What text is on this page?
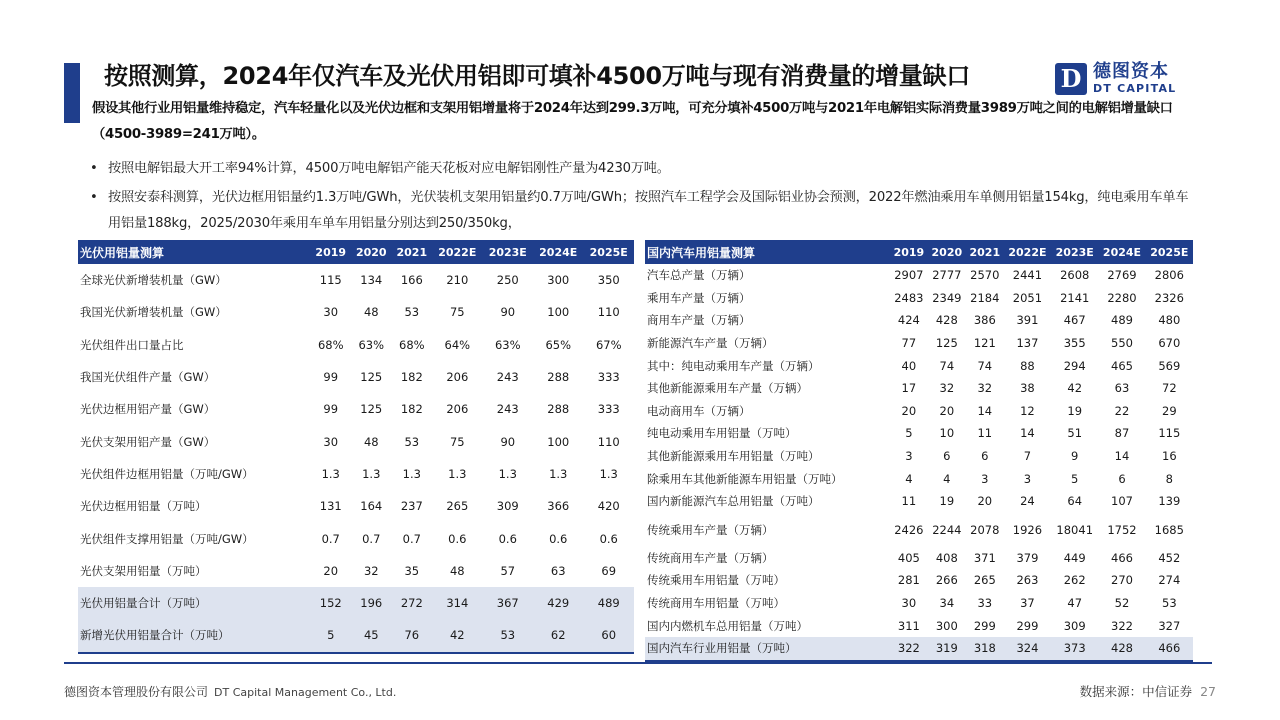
按照测算，2024年仅汽车及光伏用铝即可填补4500万吨与现有消费量的增量缺口	D 德图资本
DT CAPITAL
假设其他行业用铝量维持稳定，汽车轻量化以及光伏边框和支架用铝增量将于2024年达到299.3万吨，可充分填补4500万吨与2021年电解铝实际消费量3989万吨之间的电解铝增量缺口（4500-3989=241万吨）。
• 按照电解铝最大开工率94%计算，4500万吨电解铝产能天花板对应电解铝刚性产量为4230万吨。
• 按照安泰科测算，光伏边框用铝量约1.3万吨/GWh，光伏装机支架用铝量约0.7万吨/GWh；按照汽车工程学会及国际铝业协会预测，2022年燃油乘用车单侧用铝量154kg，纯电乘用车单车用铝量188kg，2025/2030年乘用车单车用铝量分别达到250/350kg，
光伏用铝量测算	2019	2020	2021	2022E	2023E	2024E	2025E
全球光伏新增装机量（GW）	115	134	166	210	250	300	350
我国光伏新增装机量（GW）	30	48	53	75	90	100	110
光伏组件出口量占比	68%	63%	68%	64%	63%	65%	67%
我国光伏组件产量（GW）	99	125	182	206	243	288	333
光伏边框用铝产量（GW）	99	125	182	206	243	288	333
光伏支架用铝产量（GW）	30	48	53	75	90	100	110
光伏组件边框用铝量（万吨/GW）	1.3	1.3	1.3	1.3	1.3	1.3	1.3
光伏边框用铝量（万吨）	131	164	237	265	309	366	420
光伏组件支撑用铝量（万吨/GW）	0.7	0.7	0.7	0.6	0.6	0.6	0.6
光伏支架用铝量（万吨）	20	32	35	48	57	63	69
光伏用铝量合计（万吨）	152	196	272	314	367	429	489
新增光伏用铝量合计（万吨）	5	45	76	42	53	62	60
国内汽车用铝量测算	2019	2020	2021	2022E	2023E	2024E	2025E
汽车总产量（万辆）	2907	2777	2570	2441	2608	2769	2806
乘用车产量（万辆）	2483	2349	2184	2051	2141	2280	2326
商用车产量（万辆）	424	428	386	391	467	489	480
新能源汽车产量（万辆）	77	125	121	137	355	550	670
其中：纯电动乘用车产量（万辆）	40	74	74	88	294	465	569
其他新能源乘用车产量（万辆）	17	32	32	38	42	63	72
电动商用车（万辆）	20	20	14	12	19	22	29
纯电动乘用车用铝量（万吨）	5	10	11	14	51	87	115
其他新能源乘用车用铝量（万吨）	3	6	6	7	9	14	16
除乘用车其他新能源车用铝量（万吨）	4	4	3	3	5	6	8
国内新能源汽车总用铝量（万吨）	11	19	20	24	64	107	139
传统乘用车产量（万辆）	2426	2244	2078	1926	18041	1752	1685
传统商用车产量（万辆）	405	408	371	379	449	466	452
传统乘用车用铝量（万吨）	281	266	265	263	262	270	274
传统商用车用铝量（万吨）	30	34	33	37	47	52	53
国内内燃机车总用铝量（万吨）	311	300	299	299	309	322	327
国内汽车行业用铝量（万吨）	322	319	318	324	373	428	466
德图资本管理股份有限公司 DT Capital Management Co., Ltd.	数据来源：中信证券 27
